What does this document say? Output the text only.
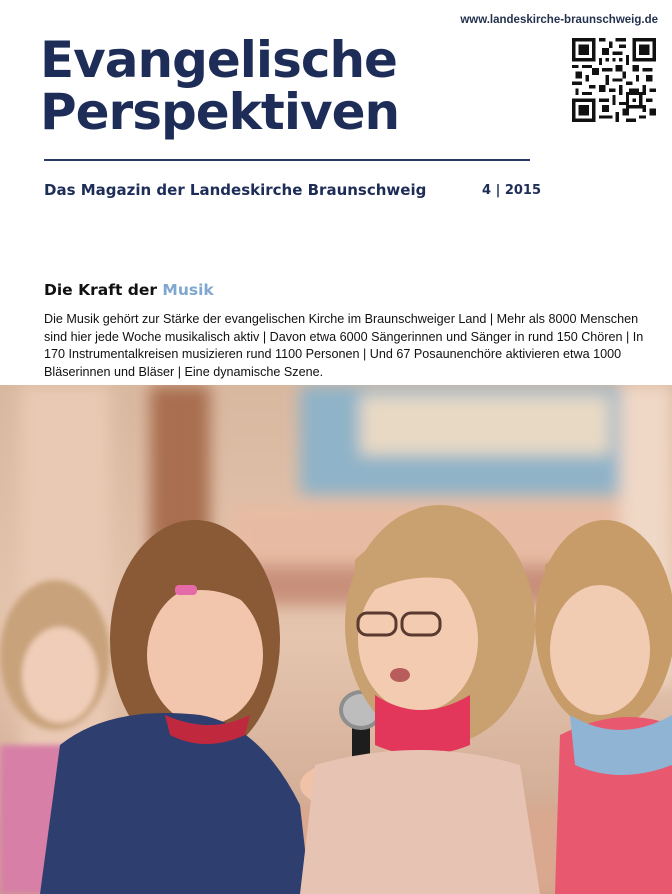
www.landeskirche-braunschweig.de
Evangelische
Perspektiven
Das Magazin der Landeskirche Braunschweig	4 | 2015
Die Kraft der Musik

Die Musik gehört zur Stärke der evangelischen Kirche im Braunschweiger Land | Mehr als 8000 Menschen sind hier jede Woche musikalisch aktiv | Davon etwa 6000 Sängerinnen und Sänger in rund 150 Chören | In 170 Instrumentalkreisen musizieren rund 1100 Personen | Und 67 Posaunenchöre aktivieren etwa 1000 Bläserinnen und Bläser | Eine dynamische Szene.
